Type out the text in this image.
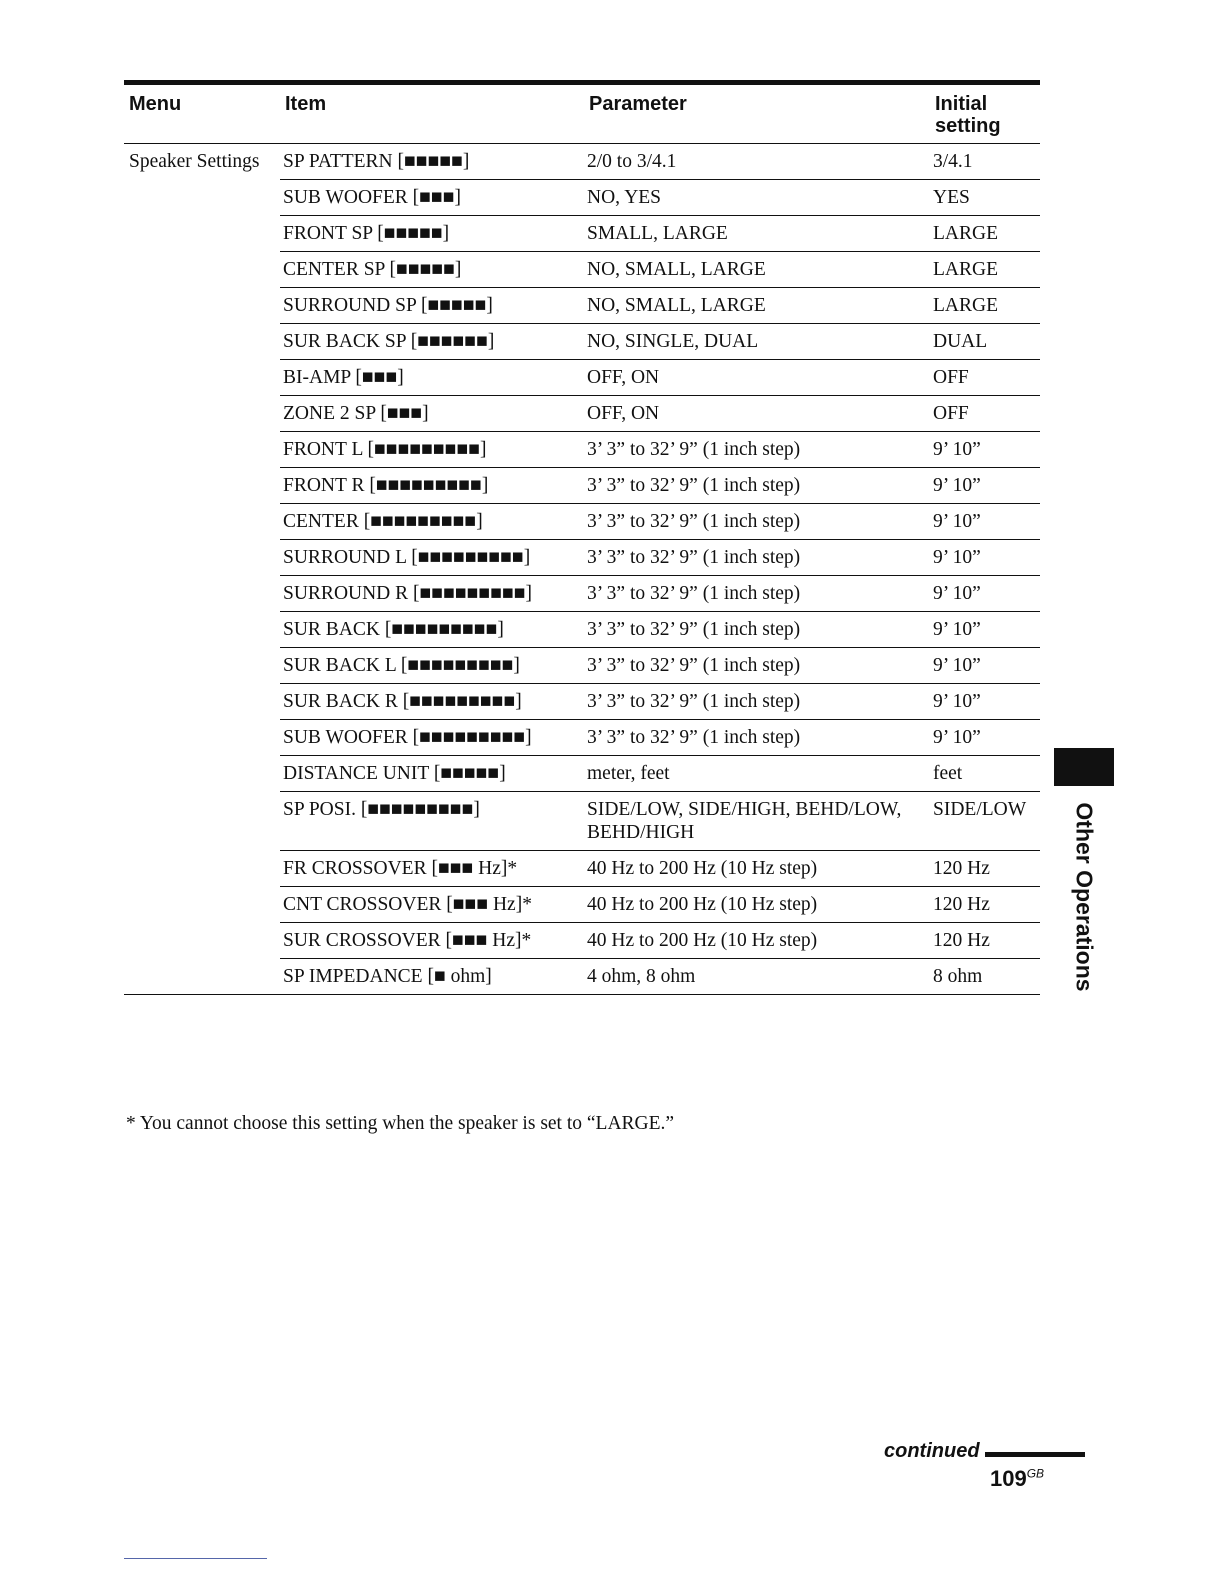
Menu	Item	Parameter	Initial setting
Speaker Settings	SP PATTERN [■■■■■]	2/0 to 3/4.1	3/4.1
	SUB WOOFER [■■■]	NO, YES	YES
	FRONT SP [■■■■■]	SMALL, LARGE	LARGE
	CENTER SP [■■■■■]	NO, SMALL, LARGE	LARGE
	SURROUND SP [■■■■■]	NO, SMALL, LARGE	LARGE
	SUR BACK SP [■■■■■■]	NO, SINGLE, DUAL	DUAL
	BI-AMP [■■■]	OFF, ON	OFF
	ZONE 2 SP [■■■]	OFF, ON	OFF
	FRONT L [■■■■■■■■■]	3’ 3” to 32’ 9” (1 inch step)	9’ 10”
	FRONT R [■■■■■■■■■]	3’ 3” to 32’ 9” (1 inch step)	9’ 10”
	CENTER [■■■■■■■■■]	3’ 3” to 32’ 9” (1 inch step)	9’ 10”
	SURROUND L [■■■■■■■■■]	3’ 3” to 32’ 9” (1 inch step)	9’ 10”
	SURROUND R [■■■■■■■■■]	3’ 3” to 32’ 9” (1 inch step)	9’ 10”
	SUR BACK [■■■■■■■■■]	3’ 3” to 32’ 9” (1 inch step)	9’ 10”
	SUR BACK L [■■■■■■■■■]	3’ 3” to 32’ 9” (1 inch step)	9’ 10”
	SUR BACK R [■■■■■■■■■]	3’ 3” to 32’ 9” (1 inch step)	9’ 10”
	SUB WOOFER [■■■■■■■■■]	3’ 3” to 32’ 9” (1 inch step)	9’ 10”
	DISTANCE UNIT [■■■■■]	meter, feet	feet
	SP POSI. [■■■■■■■■■]	SIDE/LOW, SIDE/HIGH, BEHD/LOW, BEHD/HIGH	SIDE/LOW
	FR CROSSOVER [■■■ Hz]*	40 Hz to 200 Hz (10 Hz step)	120 Hz
	CNT CROSSOVER [■■■ Hz]*	40 Hz to 200 Hz (10 Hz step)	120 Hz
	SUR CROSSOVER [■■■ Hz]*	40 Hz to 200 Hz (10 Hz step)	120 Hz
	SP IMPEDANCE [■ ohm]	4 ohm, 8 ohm	8 ohm
* You cannot choose this setting when the speaker is set to “LARGE.”
Other Operations
continued
$109^{GB}$
